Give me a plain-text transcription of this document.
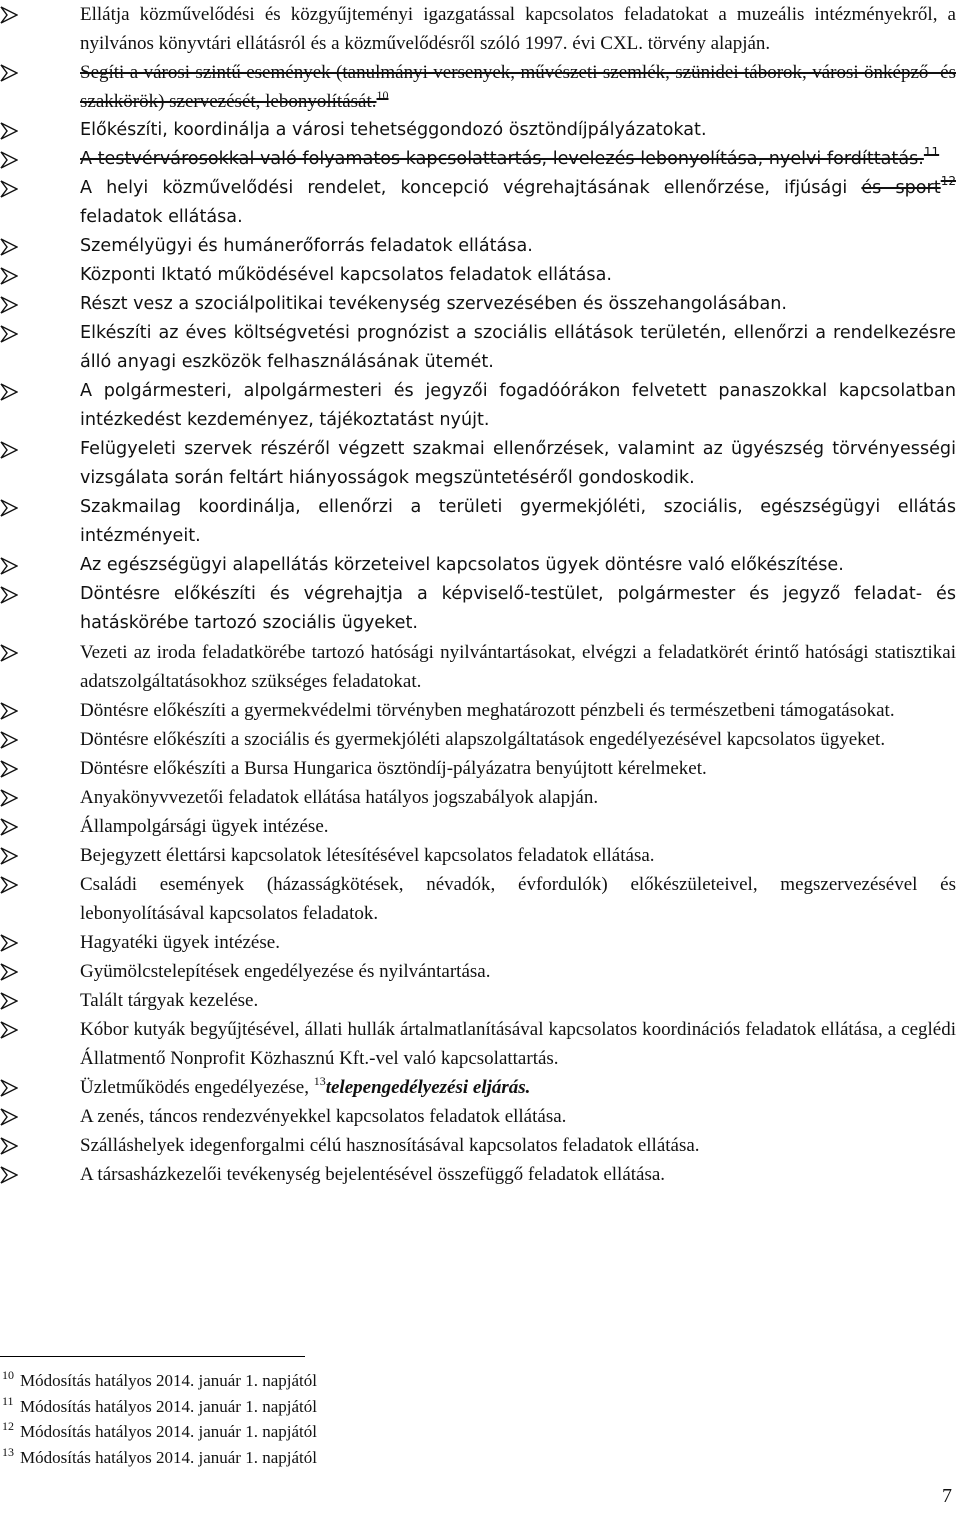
Ellátja közművelődési és közgyűjteményi igazgatással kapcsolatos feladatokat a muzeális intézményekről, a nyilvános könyvtári ellátásról és a közművelődésről szóló 1997. évi CXL. törvény alapján.
Segíti a városi szintű események (tanulmányi versenyek, művészeti szemlék, szünidei táborok, városi önképző- és szakkörök) szervezését, lebonyolítását.$^{10}$
Előkészíti, koordinálja a városi tehetséggondozó ösztöndíjpályázatokat.
A testvérvárosokkal való folyamatos kapcsolattartás, levelezés lebonyolítása, nyelvi fordíttatás.$^{11}$
A helyi közművelődési rendelet, koncepció végrehajtásának ellenőrzése, ifjúsági és sport$^{12}$ feladatok ellátása.
Személyügyi és humánerőforrás feladatok ellátása.
Központi Iktató működésével kapcsolatos feladatok ellátása.
Részt vesz a szociálpolitikai tevékenység szervezésében és összehangolásában.
Elkészíti az éves költségvetési prognózist a szociális ellátások területén, ellenőrzi a rendelkezésre álló anyagi eszközök felhasználásának ütemét.
A polgármesteri, alpolgármesteri és jegyzői fogadóórákon felvetett panaszokkal kapcsolatban intézkedést kezdeményez, tájékoztatást nyújt.
Felügyeleti szervek részéről végzett szakmai ellenőrzések, valamint az ügyészség törvényességi vizsgálata során feltárt hiányosságok megszüntetéséről gondoskodik.
Szakmailag koordinálja, ellenőrzi a területi gyermekjóléti, szociális, egészségügyi ellátás intézményeit.
Az egészségügyi alapellátás körzeteivel kapcsolatos ügyek döntésre való előkészítése.
Döntésre előkészíti és végrehajtja a képviselő-testület, polgármester és jegyző feladat- és hatáskörébe tartozó szociális ügyeket.
Vezeti az iroda feladatkörébe tartozó hatósági nyilvántartásokat, elvégzi a feladatkörét érintő hatósági statisztikai adatszolgáltatásokhoz szükséges feladatokat.
Döntésre előkészíti a gyermekvédelmi törvényben meghatározott pénzbeli és természetbeni támogatásokat.
Döntésre előkészíti a szociális és gyermekjóléti alapszolgáltatások engedélyezésével kapcsolatos ügyeket.
Döntésre előkészíti a Bursa Hungarica ösztöndíj-pályázatra benyújtott kérelmeket.
Anyakönyvvezetői feladatok ellátása hatályos jogszabályok alapján.
Állampolgársági ügyek intézése.
Bejegyzett élettársi kapcsolatok létesítésével kapcsolatos feladatok ellátása.
Családi események (házasságkötések, névadók, évfordulók) előkészületeivel, megszervezésével és lebonyolításával kapcsolatos feladatok.
Hagyatéki ügyek intézése.
Gyümölcstelepítések engedélyezése és nyilvántartása.
Talált tárgyak kezelése.
Kóbor kutyák begyűjtésével, állati hullák ártalmatlanításával kapcsolatos koordinációs feladatok ellátása, a ceglédi Állatmentő Nonprofit Közhasznú Kft.-vel való kapcsolattartás.
Üzletműködés engedélyezése, $^{13}$telepengedélyezési eljárás.
A zenés, táncos rendezvényekkel kapcsolatos feladatok ellátása.
Szálláshelyek idegenforgalmi célú hasznosításával kapcsolatos feladatok ellátása.
A társasházkezelői tevékenység bejelentésével összefüggő feladatok ellátása.
10 Módosítás hatályos 2014. január 1. napjától
11 Módosítás hatályos 2014. január 1. napjától
12 Módosítás hatályos 2014. január 1. napjától
13 Módosítás hatályos 2014. január 1. napjától
7
